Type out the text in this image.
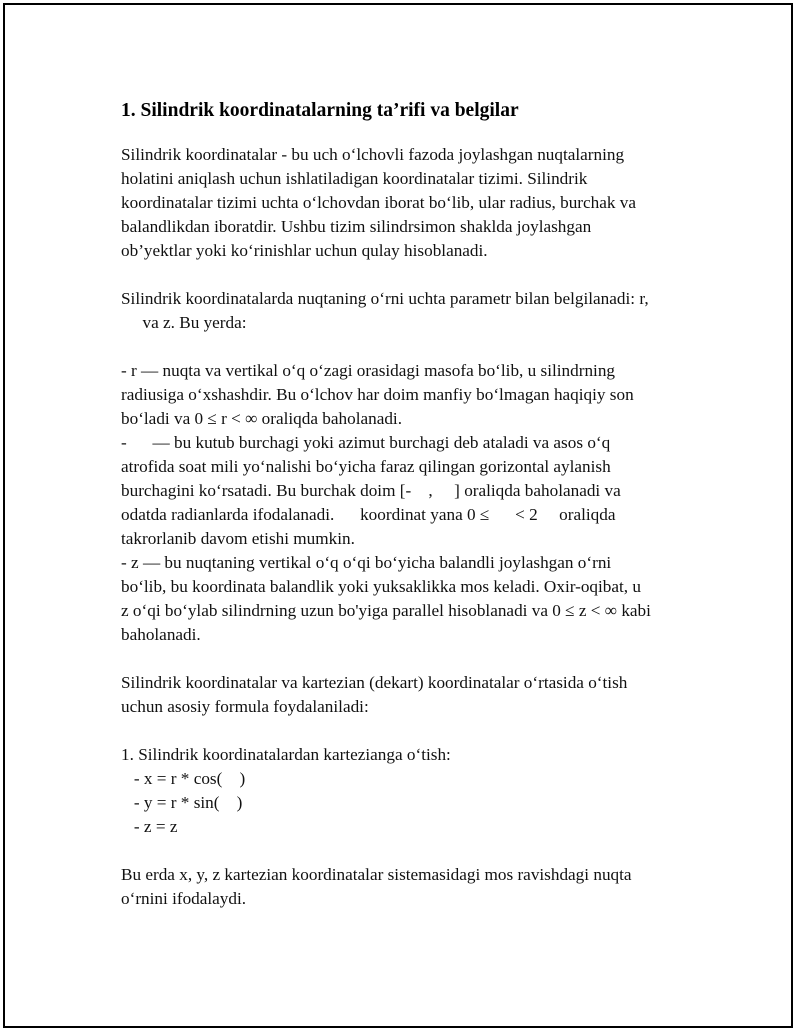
1. Silindrik koordinatalarning ta’rifi va belgilar

Silindrik koordinatalar - bu uch o‘lchovli fazoda joylashgan nuqtalarning
holatini aniqlash uchun ishlatiladigan koordinatalar tizimi. Silindrik
koordinatalar tizimi uchta o‘lchovdan iborat bo‘lib, ular radius, burchak va
balandlikdan iboratdir. Ushbu tizim silindrsimon shaklda joylashgan
ob’yektlar yoki ko‘rinishlar uchun qulay hisoblanadi.

Silindrik koordinatalarda nuqtaning o‘rni uchta parametr bilan belgilanadi: r,
va z. Bu yerda:

- r — nuqta va vertikal o‘q o‘zagi orasidagi masofa bo‘lib, u silindrning
radiusiga o‘xshashdir. Bu o‘lchov har doim manfiy bo‘lmagan haqiqiy son
bo‘ladi va 0 ≤ r < ∞ oraliqda baholanadi.
-      — bu kutub burchagi yoki azimut burchagi deb ataladi va asos o‘q
atrofida soat mili yo‘nalishi bo‘yicha faraz qilingan gorizontal aylanish
burchagini ko‘rsatadi. Bu burchak doim [-    ,     ] oraliqda baholanadi va
odatda radianlarda ifodalanadi.      koordinat yana 0 ≤      < 2     oraliqda
takrorlanib davom etishi mumkin.
- z — bu nuqtaning vertikal o‘q o‘qi bo‘yicha balandli joylashgan o‘rni
bo‘lib, bu koordinata balandlik yoki yuksaklikka mos keladi. Oxir-oqibat, u
z o‘qi bo‘ylab silindrning uzun bo'yiga parallel hisoblanadi va 0 ≤ z < ∞ kabi
baholanadi.

Silindrik koordinatalar va kartezian (dekart) koordinatalar o‘rtasida o‘tish
uchun asosiy formula foydalaniladi:

1. Silindrik koordinatalardan kartezianga o‘tish:
- x = r * cos(    )
- y = r * sin(    )
- z = z

Bu erda x, y, z kartezian koordinatalar sistemasidagi mos ravishdagi nuqta
o‘rnini ifodalaydi.
